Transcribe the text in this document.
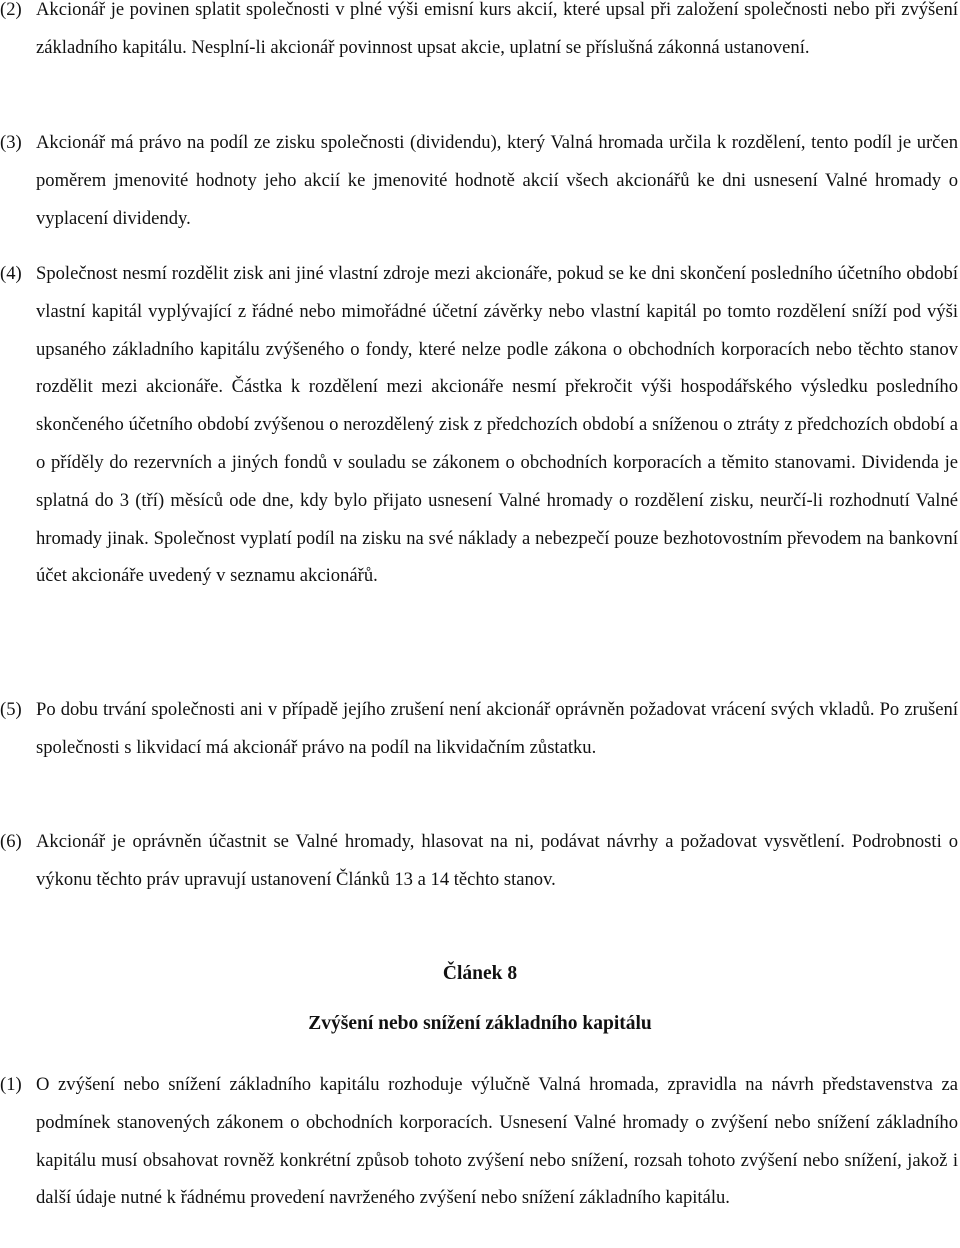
(2) Akcionář je povinen splatit společnosti v plné výši emisní kurs akcií, které upsal při založení společnosti nebo při zvýšení základního kapitálu. Nesplní-li akcionář povinnost upsat akcie, uplatní se příslušná zákonná ustanovení.
(3) Akcionář má právo na podíl ze zisku společnosti (dividendu), který Valná hromada určila k rozdělení, tento podíl je určen poměrem jmenovité hodnoty jeho akcií ke jmenovité hodnotě akcií všech akcionářů ke dni usnesení Valné hromady o vyplacení dividendy.
(4) Společnost nesmí rozdělit zisk ani jiné vlastní zdroje mezi akcionáře, pokud se ke dni skončení posledního účetního období vlastní kapitál vyplývající z řádné nebo mimořádné účetní závěrky nebo vlastní kapitál po tomto rozdělení sníží pod výši upsaného základního kapitálu zvýšeného o fondy, které nelze podle zákona o obchodních korporacích nebo těchto stanov rozdělit mezi akcionáře. Částka k rozdělení mezi akcionáře nesmí překročit výši hospodářského výsledku posledního skončeného účetního období zvýšenou o nerozdělený zisk z předchozích období a sníženou o ztráty z předchozích období a o příděly do rezervních a jiných fondů v souladu se zákonem o obchodních korporacích a těmito stanovami. Dividenda je splatná do 3 (tří) měsíců ode dne, kdy bylo přijato usnesení Valné hromady o rozdělení zisku, neurčí-li rozhodnutí Valné hromady jinak. Společnost vyplatí podíl na zisku na své náklady a nebezpečí pouze bezhotovostním převodem na bankovní účet akcionáře uvedený v seznamu akcionářů.
(5) Po dobu trvání společnosti ani v případě jejího zrušení není akcionář oprávněn požadovat vrácení svých vkladů. Po zrušení společnosti s likvidací má akcionář právo na podíl na likvidačním zůstatku.
(6) Akcionář je oprávněn účastnit se Valné hromady, hlasovat na ni, podávat návrhy a požadovat vysvětlení. Podrobnosti o výkonu těchto práv upravují ustanovení Článků 13 a 14 těchto stanov.
Článek 8
Zvýšení nebo snížení základního kapitálu
(1) O zvýšení nebo snížení základního kapitálu rozhoduje výlučně Valná hromada, zpravidla na návrh představenstva za podmínek stanovených zákonem o obchodních korporacích. Usnesení Valné hromady o zvýšení nebo snížení základního kapitálu musí obsahovat rovněž konkrétní způsob tohoto zvýšení nebo snížení, rozsah tohoto zvýšení nebo snížení, jakož i další údaje nutné k řádnému provedení navrženého zvýšení nebo snížení základního kapitálu.
